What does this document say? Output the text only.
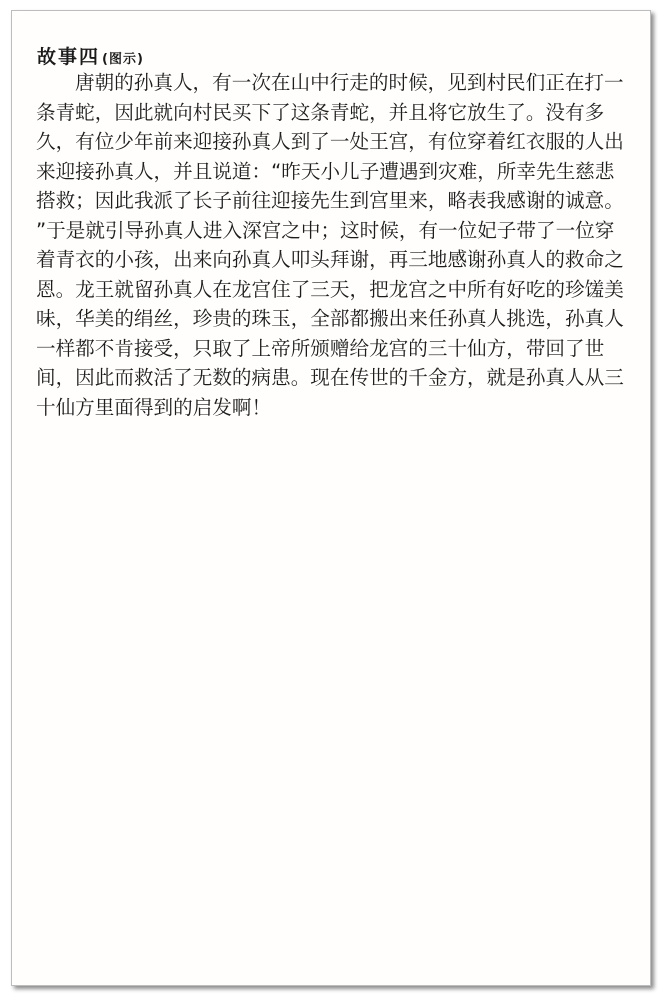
故事四 (图示)
唐朝的孙真人，有一次在山中行走的时候，见到村民们正在打一
条青蛇，因此就向村民买下了这条青蛇，并且将它放生了。没有多
久，有位少年前来迎接孙真人到了一处王宫，有位穿着红衣服的人出
来迎接孙真人，并且说道：“昨天小儿子遭遇到灾难，所幸先生慈悲
搭救；因此我派了长子前往迎接先生到宫里来，略表我感谢的诚意。
”于是就引导孙真人进入深宫之中；这时候，有一位妃子带了一位穿
着青衣的小孩，出来向孙真人叩头拜谢，再三地感谢孙真人的救命之
恩。龙王就留孙真人在龙宫住了三天，把龙宫之中所有好吃的珍馐美
味，华美的绢丝，珍贵的珠玉，全部都搬出来任孙真人挑选，孙真人
一样都不肯接受，只取了上帝所颁赠给龙宫的三十仙方，带回了世
间，因此而救活了无数的病患。现在传世的千金方，就是孙真人从三
十仙方里面得到的启发啊！
